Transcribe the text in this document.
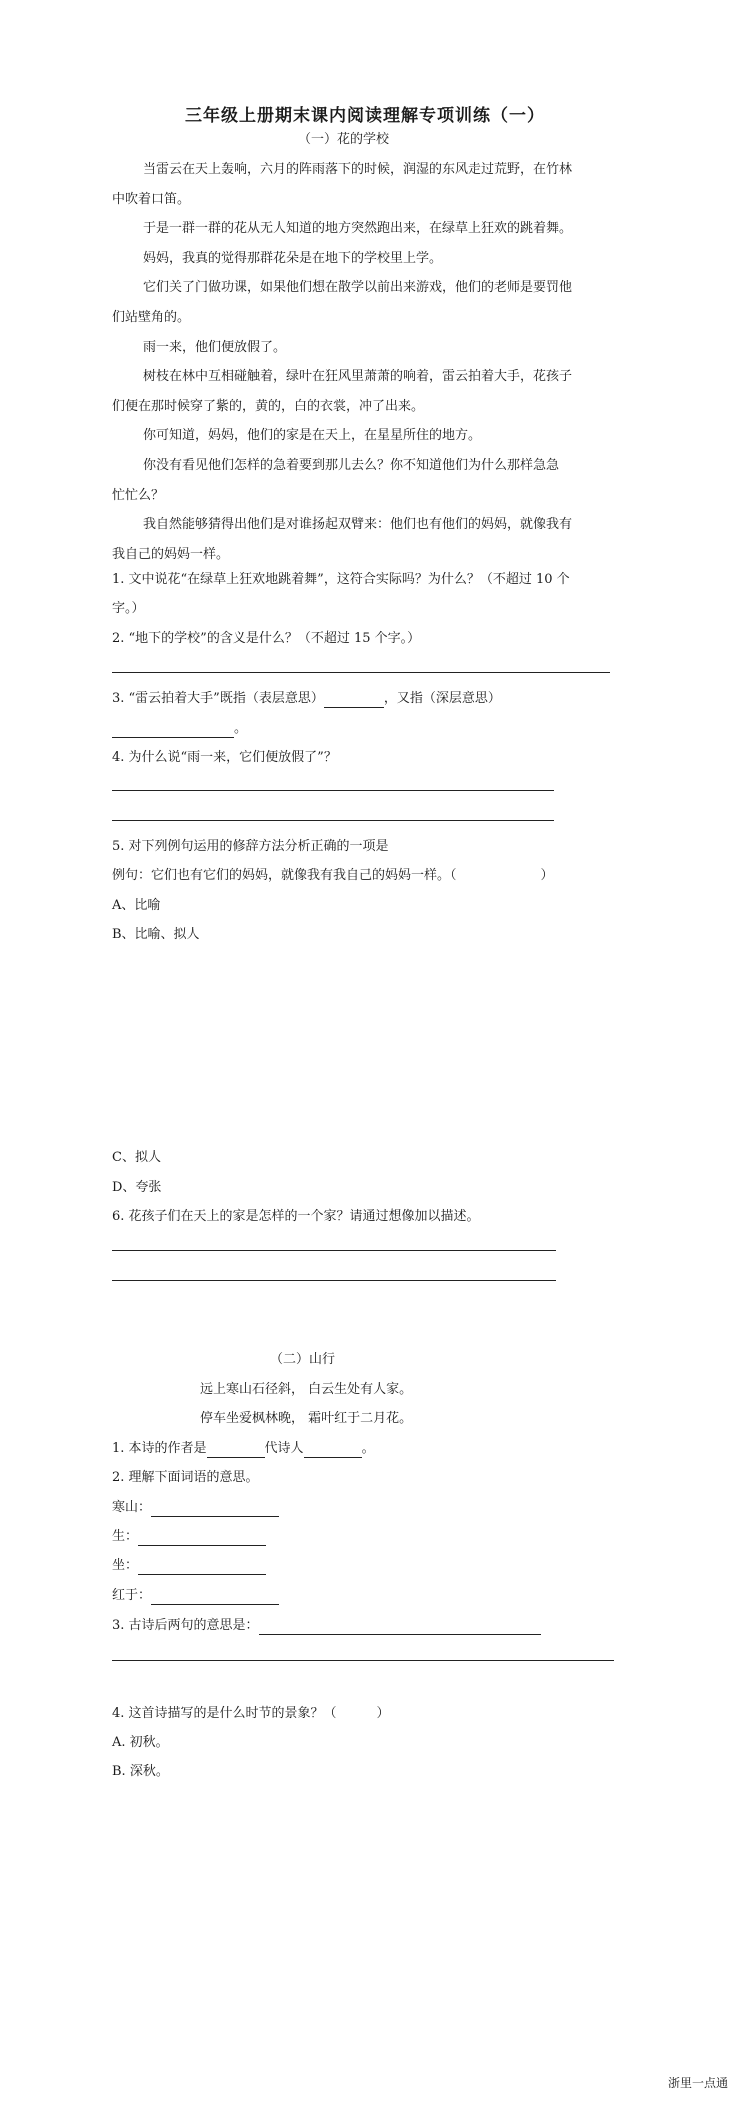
三年级上册期末课内阅读理解专项训练（一）
（一）花的学校
当雷云在天上轰响，六月的阵雨落下的时候，润湿的东风走过荒野，在竹林
中吹着口笛。
于是一群一群的花从无人知道的地方突然跑出来，在绿草上狂欢的跳着舞。
妈妈，我真的觉得那群花朵是在地下的学校里上学。
它们关了门做功课，如果他们想在散学以前出来游戏，他们的老师是要罚他
们站壁角的。
雨一来，他们便放假了。
树枝在林中互相碰触着，绿叶在狂风里萧萧的响着，雷云拍着大手，花孩子
们便在那时候穿了紫的，黄的，白的衣裳，冲了出来。
你可知道，妈妈，他们的家是在天上，在星星所住的地方。
你没有看见他们怎样的急着要到那儿去么？你不知道他们为什么那样急急
忙忙么？
我自然能够猜得出他们是对谁扬起双臂来：他们也有他们的妈妈，就像我有
我自己的妈妈一样。
1. 文中说花“在绿草上狂欢地跳着舞”，这符合实际吗？为什么？（不超过 10 个
字。）
2. “地下的学校”的含义是什么？（不超过 15 个字。）
3. “雷云拍着大手”既指（表层意思）	，又指（深层意思）
。
4. 为什么说“雨一来，它们便放假了”？
5. 对下列例句运用的修辞方法分析正确的一项是
例句：它们也有它们的妈妈，就像我有我自己的妈妈一样。（	）
A、比喻
B、比喻、拟人
C、拟人
D、夸张
6. 花孩子们在天上的家是怎样的一个家？请通过想像加以描述。
（二）山行
远上寒山石径斜， 白云生处有人家。
停车坐爱枫林晚， 霜叶红于二月花。
1. 本诗的作者是	代诗人	。
2. 理解下面词语的意思。
寒山：
生：
坐：
红于：
3. 古诗后两句的意思是：
4. 这首诗描写的是什么时节的景象？（	）
A. 初秋。
B. 深秋。
浙里一点通
